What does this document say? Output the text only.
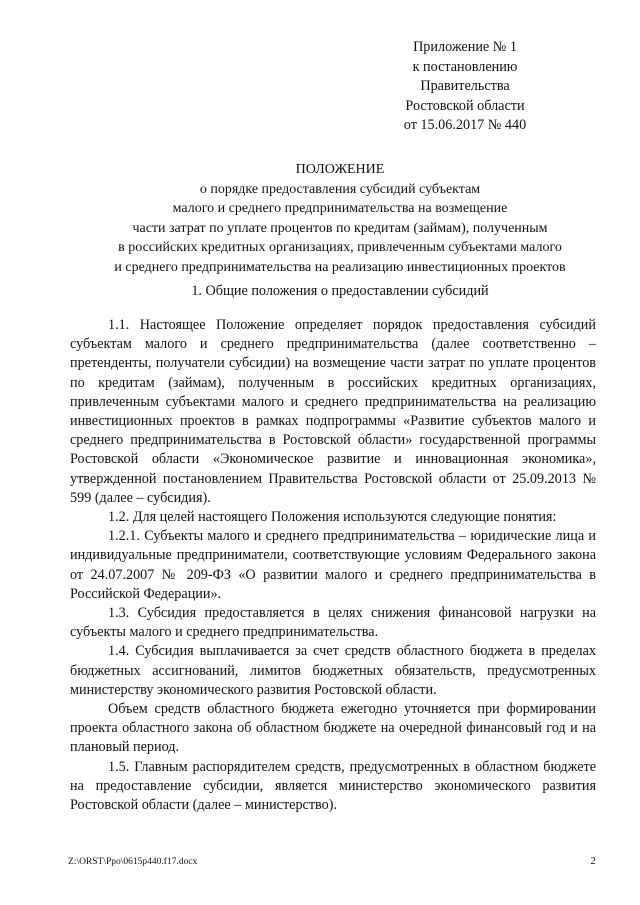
Приложение № 1
к постановлению
Правительства
Ростовской области
от 15.06.2017 № 440
ПОЛОЖЕНИЕ
о порядке предоставления субсидий субъектам
малого и среднего предпринимательства на возмещение
части затрат по уплате процентов по кредитам (займам), полученным
в российских кредитных организациях, привлеченным субъектами малого
и среднего предпринимательства на реализацию инвестиционных проектов
1. Общие положения о предоставлении субсидий

1.1. Настоящее Положение определяет порядок предоставления субсидий субъектам малого и среднего предпринимательства (далее соответственно – претенденты, получатели субсидии) на возмещение части затрат по уплате процентов по кредитам (займам), полученным в российских кредитных организациях, привлеченным субъектами малого и среднего предпринимательства на реализацию инвестиционных проектов в рамках подпрограммы «Развитие субъектов малого и среднего предпринимательства в Ростовской области» государственной программы Ростовской области «Экономическое развитие и инновационная экономика», утвержденной постановлением Правительства Ростовской области от 25.09.2013 № 599 (далее – субсидия).

1.2. Для целей настоящего Положения используются следующие понятия:

1.2.1. Субъекты малого и среднего предпринимательства – юридические лица и индивидуальные предприниматели, соответствующие условиям Федерального закона от 24.07.2007 № 209-ФЗ «О развитии малого и среднего предпринимательства в Российской Федерации».

1.3. Субсидия предоставляется в целях снижения финансовой нагрузки на субъекты малого и среднего предпринимательства.

1.4. Субсидия выплачивается за счет средств областного бюджета в пределах бюджетных ассигнований, лимитов бюджетных обязательств, предусмотренных министерству экономического развития Ростовской области.

Объем средств областного бюджета ежегодно уточняется при формировании проекта областного закона об областном бюджете на очередной финансовый год и на плановый период.

1.5. Главным распорядителем средств, предусмотренных в областном бюджете на предоставление субсидии, является министерство экономического развития Ростовской области (далее – министерство).

Z:\ORST\Ppo\0615p440.f17.docx	2
